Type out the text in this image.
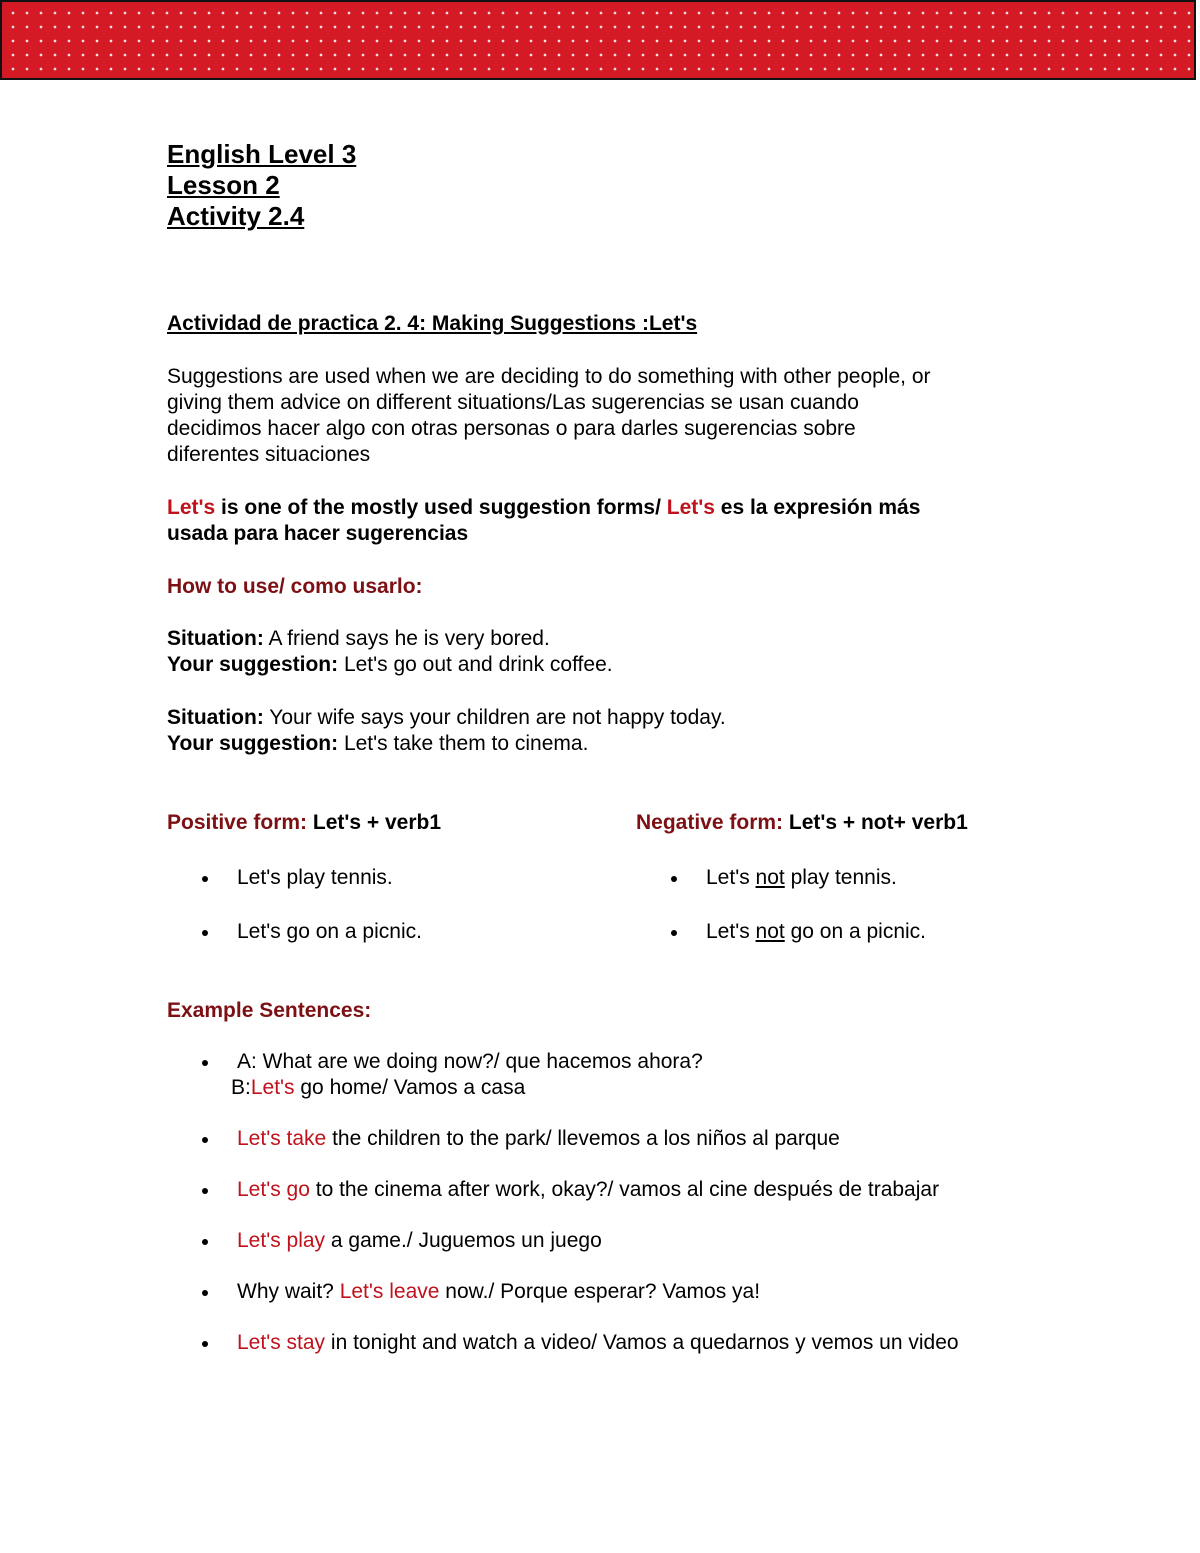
English Level 3
Lesson 2
Activity 2.4
Actividad de practica 2. 4: Making Suggestions :Let's
Suggestions are used when we are deciding to do something with other people, or
giving them advice on different situations/Las sugerencias se usan cuando
decidimos hacer algo con otras personas o para darles sugerencias sobre
diferentes situaciones
Let's is one of the mostly used suggestion forms/ Let's es la expresión más
usada para hacer sugerencias
How to use/ como usarlo:
Situation: A friend says he is very bored.
Your suggestion: Let's go out and drink coffee.
Situation: Your wife says your children are not happy today.
Your suggestion: Let's take them to cinema.
Positive form: Let's + verb1
Let's play tennis.
Let's go on a picnic.
Negative form: Let's + not+ verb1
Let's not play tennis.
Let's not go on a picnic.
Example Sentences:
A: What are we doing now?/ que hacemos ahora?
B:Let's go home/ Vamos a casa
Let's take the children to the park/ llevemos a los niños al parque
Let's go to the cinema after work, okay?/ vamos al cine después de trabajar
Let's play a game./ Juguemos un juego
Why wait? Let's leave now./ Porque esperar? Vamos ya!
Let's stay in tonight and watch a video/ Vamos a quedarnos y vemos un video
